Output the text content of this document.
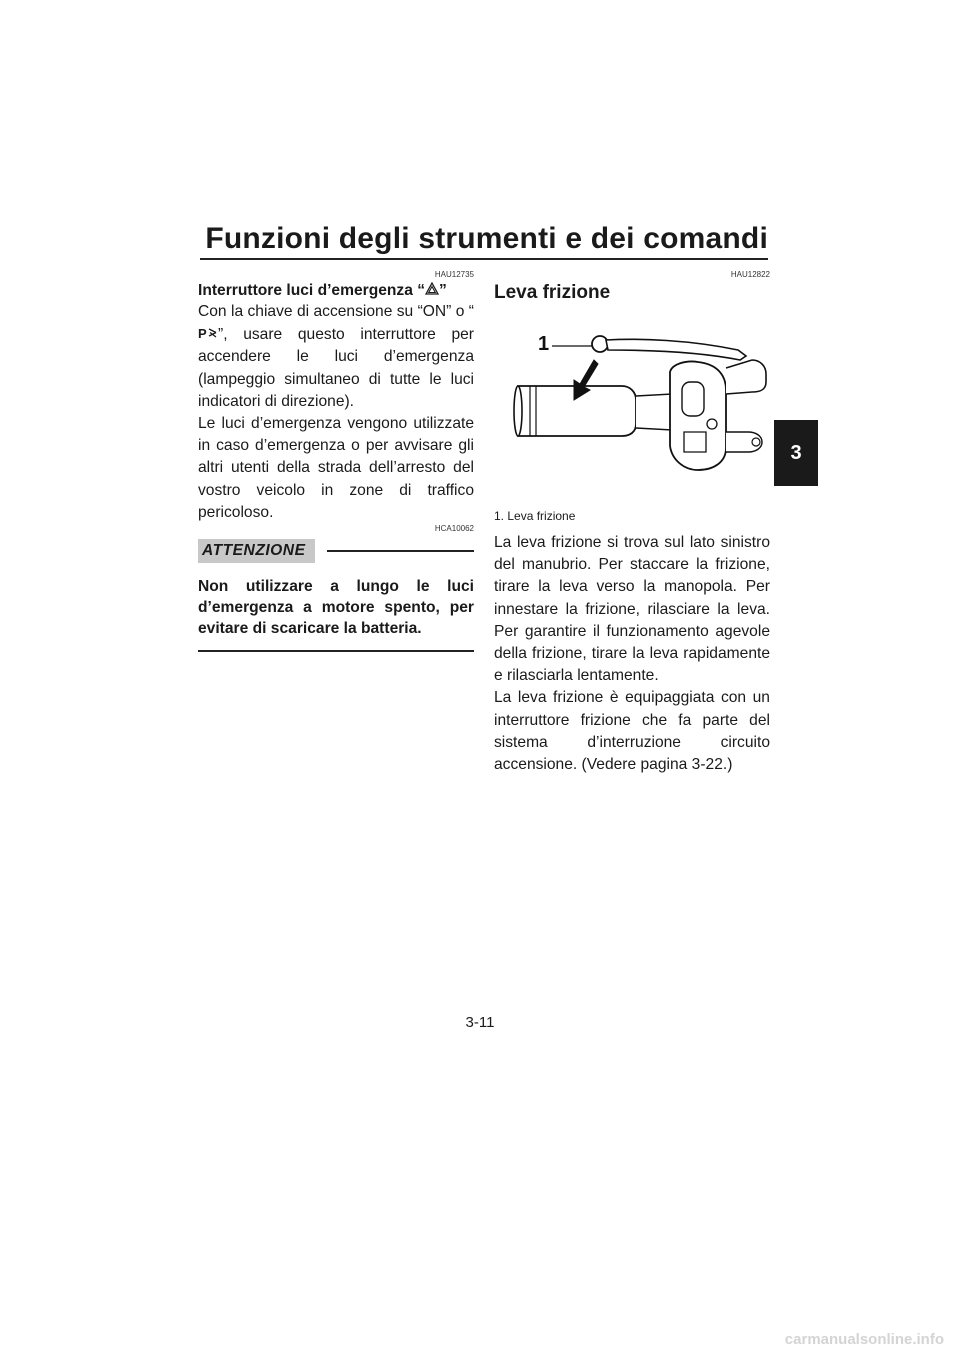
Funzioni degli strumenti e dei comandi
3

HAU12735

Interruttore luci d’emergenza “ ”

Con la chiave di accensione su “ON” o “
P ”, usare questo interruttore per accendere le luci d’emergenza (lampeggio simultaneo di tutte le luci indicatori di direzione).

Le luci d’emergenza vengono utilizzate in caso d’emergenza o per avvisare gli altri utenti della strada dell’arresto del vostro veicolo in zone di traffico pericoloso.

HCA10062

ATTENZIONE

Non utilizzare a lungo le luci d’emergenza a motore spento, per evitare di scaricare la batteria.

HAU12822

Leva frizione

1

1. Leva frizione

La leva frizione si trova sul lato sinistro del manubrio. Per staccare la frizione, tirare la leva verso la manopola. Per innestare la frizione, rilasciare la leva. Per garantire il funzionamento agevole della frizione, tirare la leva rapidamente e rilasciarla lentamente.

La leva frizione è equipaggiata con un interruttore frizione che fa parte del sistema d’interruzione circuito accensione. (Vedere pagina 3-22.)

3-11
carmanualsonline.info
